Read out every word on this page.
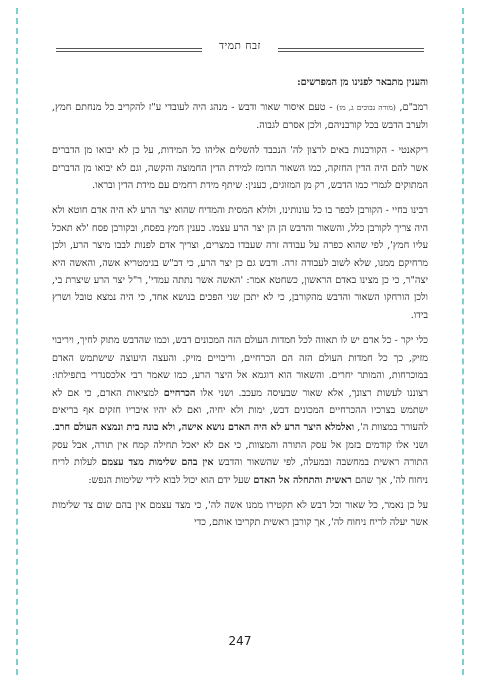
זבח תמיד

והענין מתבאר לפנינו מן המפרשים:

רמב"ם, (מורה נבוכים ג, מו) - טעם איסור שאור ודבש - מנהג היה לעובדי ע"ז להקריב כל מנחתם חמץ, ולערב הדבש בכל קורבניהם, ולכן אסרם לגבוה.

ריקאנטי - הקורבנות באים לרצון לה' הנכבד להשלים אליהו כל המידות, על כן לא יבואו מן הדברים אשר להם היה הדין החזקה, כמו השאור הרומז למידת הדין החמוצה והקשה, וגם לא יבואו מן הדברים המתוקים לגמרי כמו הדבש, רק מן המזוגים, כענין: שיתף מידת רחמים עם מידת הדין ובראו.

רבינו בחיי - הקורבן לכפר בו כל עונותינו, ולולא המסית והמדיח שהוא יצר הרע לא היה אדם חוטא ולא היה צריך לקורבן כלל, והשאור והדבש הן הן יצר הרע עצמו. כענין חמץ בפסח, ובקורבן פסח 'לא תאכל עליו חמץ', לפי שהוא כפרה על עבודה זרה שעבדו במצרים, וצריך אדם לפנות לבבו מיצר הרע, ולכן מרחיקם ממנו, שלא לשוב לעבודה זרה. ודבש גם כן יצר הרע, כי דב"ש בגימטריא אשה, והאשה היא יצה"ר, כי כן מצינו באדם הראשון, כשחטא אמר: 'האשה אשר נתתה עמדי', ר"ל יצר הרע שיצרת בי, ולכן הורחקו השאור והדבש מהקורבן, כי לא יתכן שני הפכים בנושא אחד, כי היה נמצא טובל ושרץ בידו.

כלי יקר - כל אדם יש לו תאווה לכל חמדות העולם הזה המכונים דבש, וכמו שהדבש מתוק לחיך, ויריבוי מזיק, כך כל חמדות העולם הזה הם הכרחיים, וריבויים מזיק. והעצה היעוצה שישתמש האדם במוכרחות, והמותר יחרים. והשאור הוא דוגמא אל היצר הרע, כמו שאמר רבי אלכסנדרי בתפילתו: רצוננו לעשות רצונך, אלא שאור שבעיסה מעכב. ושני אלו הכרחיים למציאות האדם, כי אם לא ישתמש בצרכיו ההכרחיים המכונים דבש, ימות ולא יחיה, ואם לא יהיו איבריו חזקים אף בריאים להעורר במצוות ה', ואלמלא היצר הרע לא היה האדם נושא אישה, ולא בונה בית ונמצא העולם חרב. ושני אלו קודמים בזמן אל עסק התורה והמצוות, כי אם לא יאכל תחילה קמח אין תורה, אבל עסק התורה ראשית במחשבה ובמעלה, לפי שהשאור והדבש אין בהם שלימות מצד עצמם לעלות לריח ניחוח לה', אך שהם ראשית והתחלה אל האדם שעל ידם הוא יכול לבוא לידי שלימות הנפש:

על כן נאמר, כל שאור וכל דבש לא תקטירו ממנו אשה לה', כי מצד עצמם אין בהם שום צד שלימות אשר יעלה לריח ניחוח לה', אך קורבן ראשית תקריבו אותם, כדי

247
